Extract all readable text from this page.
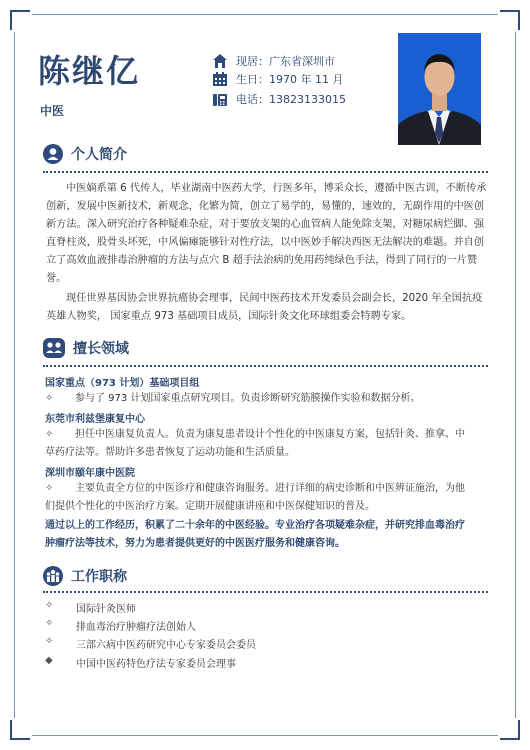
陈继亿
中医
现居：广东省深圳市
生日：1970 年 11 月
电话：13823133015
个人简介

中医嫡系第 6 代传人，毕业湖南中医药大学，行医多年，博采众长，遵循中医古训，不断传承创新，发展中医新技术，新观念，化繁为简，创立了易学的，易懂的，速效的，无副作用的中医创新方法。深入研究治疗各种疑难杂症，对于要放支架的心血管病人能免除支架，对糖尿病烂脚、强直脊柱炎，股骨头坏死，中风偏瘫能够针对性疗法，以中医妙手解决西医无法解决的难题。并自创立了高效血液排毒治肿瘤的方法与点穴 B 超手法治病的免用药纯绿色手法，得到了同行的一片赞誉。

现任世界基因协会世界抗癌协会理事，民间中医药技术开发委员会副会长，2020 年全国抗疫英雄人物奖， 国家重点 973 基础项目成员，国际针灸文化环球组委会特聘专家。

擅长领域
国家重点（973 计划）基础项目组

✧ 参与了 973 计划国家重点研究项目。负责诊断研究筋膜操作实验和数据分析。

东莞市利兹堡康复中心

✧ 担任中医康复负责人。负责为康复患者设计个性化的中医康复方案，包括针灸、推拿、中

草药疗法等。帮助许多患者恢复了运动功能和生活质量。

深圳市颐年康中医院

✧ 主要负责全方位的中医诊疗和健康咨询服务。进行详细的病史诊断和中医辨证施治，为他

们提供个性化的中医治疗方案。定期开展健康讲座和中医保健知识的普及。

通过以上的工作经历，积累了二十余年的中医经验。专业治疗各项疑难杂症，并研究排血毒治疗

肿瘤疗法等技术，努力为患者提供更好的中医医疗服务和健康咨询。

工作职称
✧	国际针灸医师
✧	排血毒治疗肿瘤疗法创始人
✧	三部六病中医药研究中心专家委员会委员
◆	中国中医药特色疗法专家委员会理事
